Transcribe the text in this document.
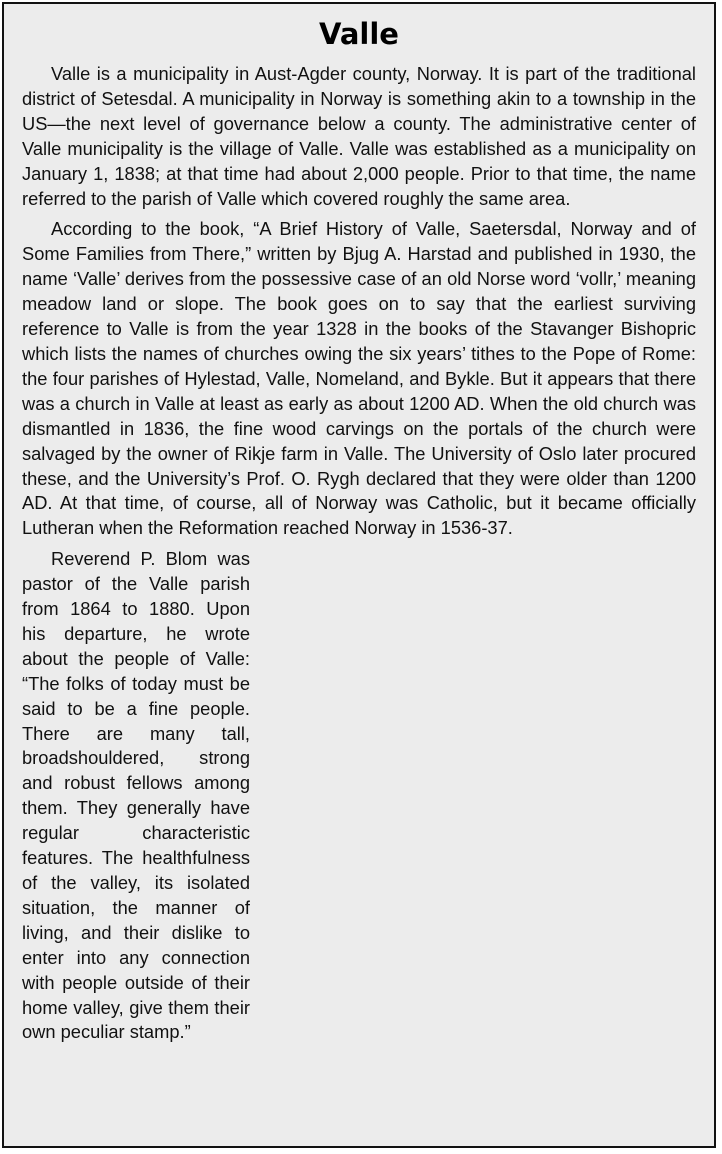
Valle

Valle is a municipality in Aust-Agder county, Norway. It is part of the traditional district of Setesdal. A municipality in Norway is something akin to a township in the US—the next level of governance below a county. The administrative center of Valle municipality is the village of Valle. Valle was established as a municipality on January 1, 1838; at that time had about 2,000 people. Prior to that time, the name referred to the parish of Valle which covered roughly the same area.

According to the book, “A Brief History of Valle, Saetersdal, Norway and of Some Families from There,” written by Bjug A. Harstad and published in 1930, the name ‘Valle’ derives from the possessive case of an old Norse word ‘vollr,’ meaning meadow land or slope. The book goes on to say that the earliest surviving reference to Valle is from the year 1328 in the books of the Stavanger Bishopric which lists the names of churches owing the six years’ tithes to the Pope of Rome: the four parishes of Hylestad, Valle, Nomeland, and Bykle. But it appears that there was a church in Valle at least as early as about 1200 AD. When the old church was dismantled in 1836, the fine wood carvings on the portals of the church were salvaged by the owner of Rikje farm in Valle. The University of Oslo later procured these, and the University’s Prof. O. Rygh declared that they were older than 1200 AD. At that time, of course, all of Norway was Catholic, but it became officially Lutheran when the Reformation reached Norway in 1536-37.

Reverend P. Blom was pastor of the Valle parish from 1864 to 1880. Upon his departure, he wrote about the people of Valle: “The folks of today must be said to be a fine people. There are many tall, broadshouldered, strong and robust fellows among them. They generally have regular characteristic features. The healthfulness of the valley, its isolated situation, the manner of living, and their dislike to enter into any connection with people outside of their home valley, give them their own peculiar stamp.”
